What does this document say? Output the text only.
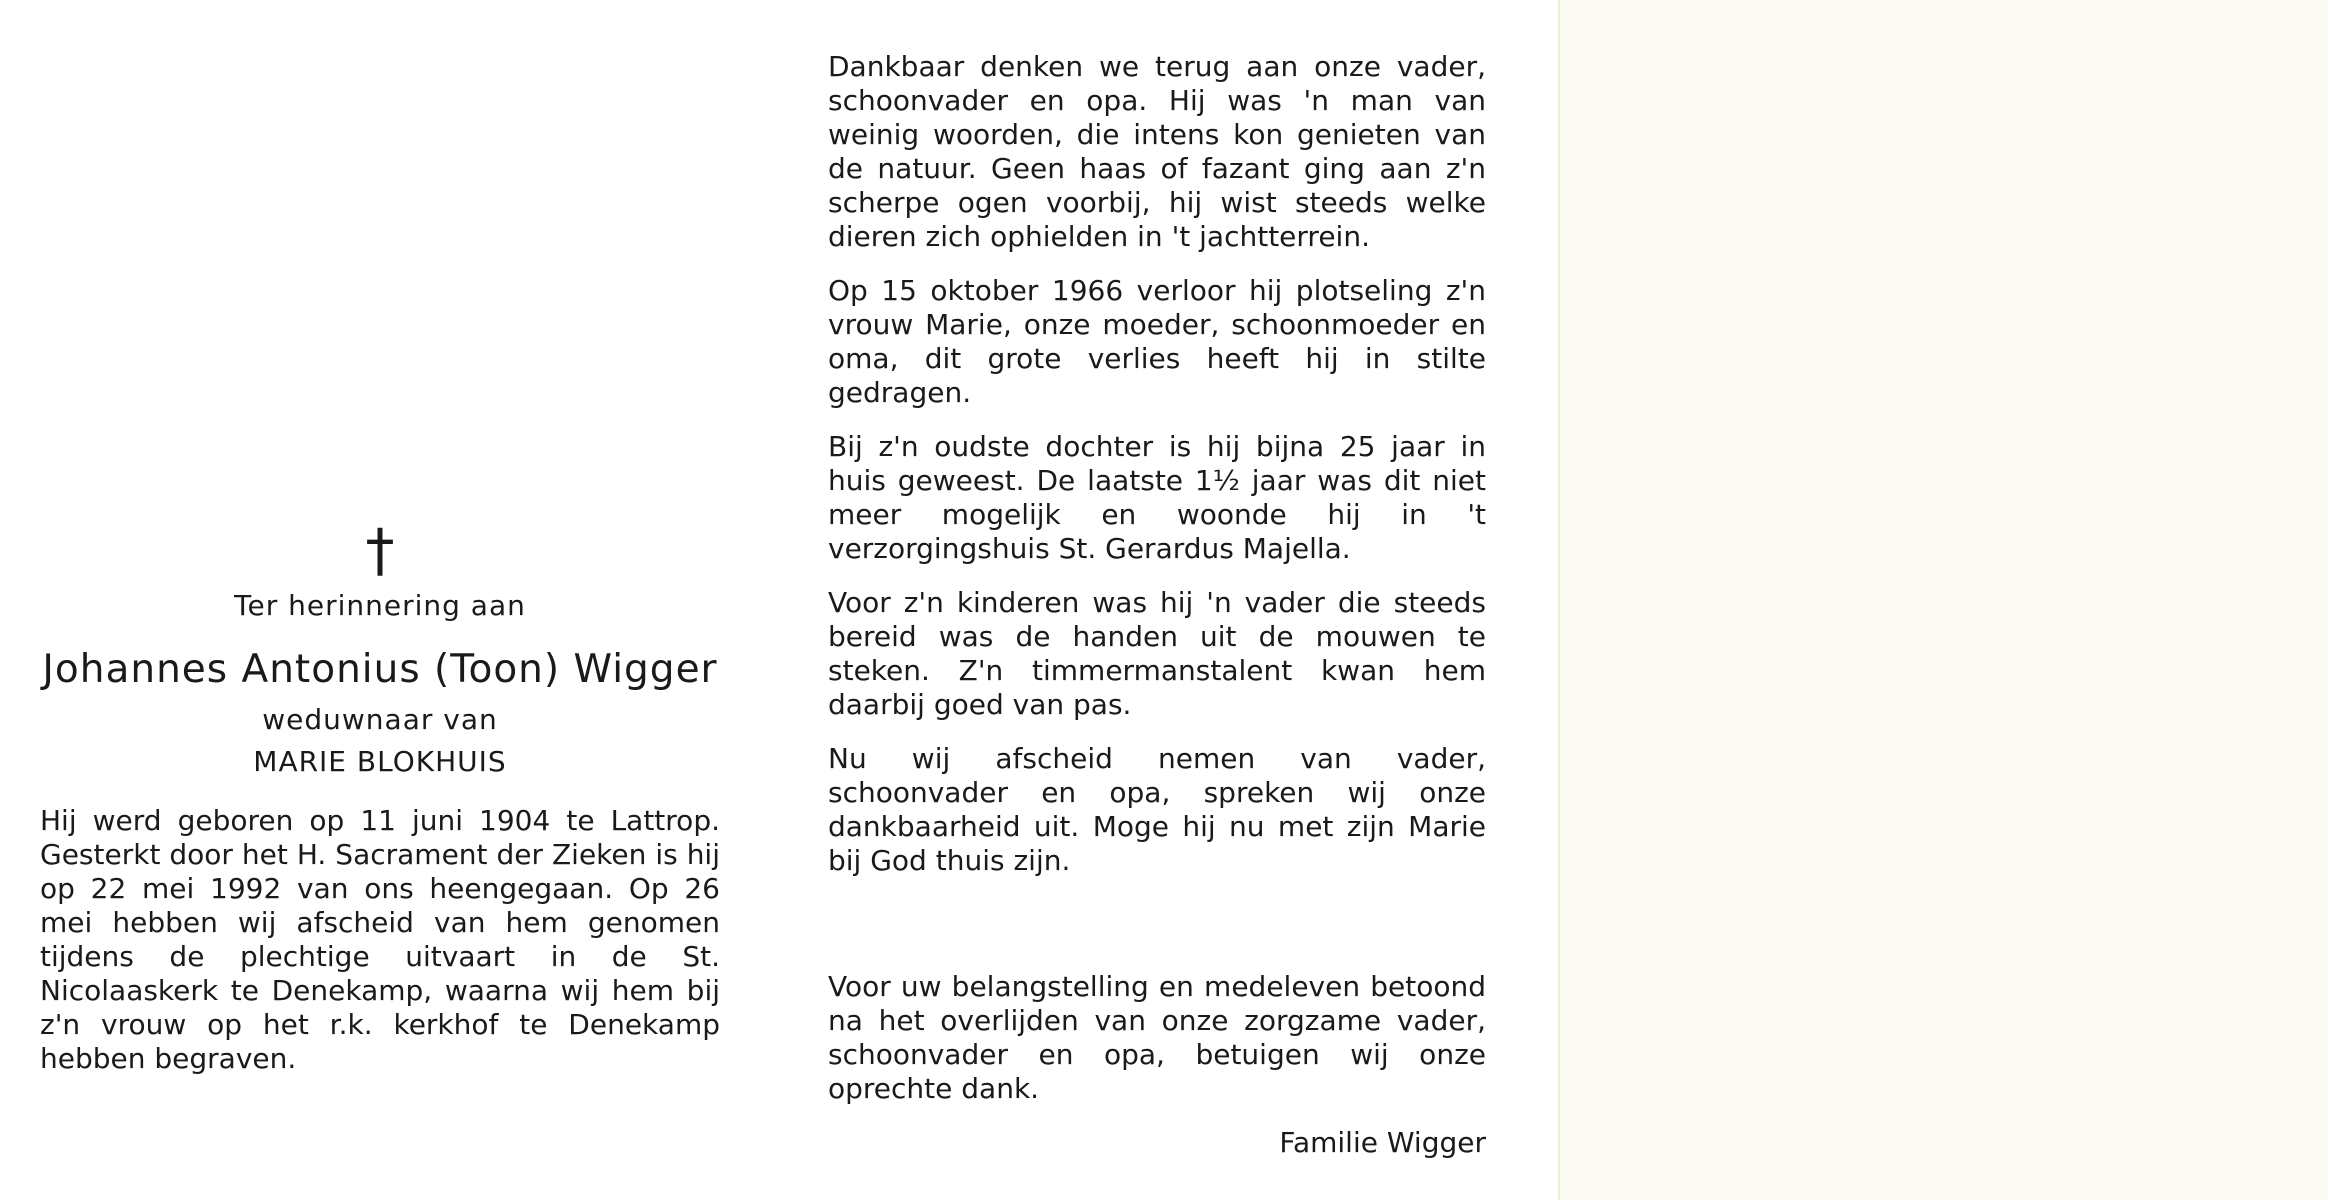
†
Ter herinnering aan
Johannes Antonius (Toon) Wigger
weduwnaar van
MARIE BLOKHUIS
Hij werd geboren op 11 juni 1904 te Lattrop. Gesterkt door het H. Sacrament der Zieken is hij op 22 mei 1992 van ons heengegaan. Op 26 mei hebben wij afscheid van hem genomen tijdens de plechtige uitvaart in de St. Nicolaaskerk te Denekamp, waarna wij hem bij z'n vrouw op het r.k. kerkhof te Denekamp hebben begraven.

Dankbaar denken we terug aan onze vader, schoonvader en opa. Hij was 'n man van weinig woorden, die intens kon genieten van de natuur. Geen haas of fazant ging aan z'n scherpe ogen voorbij, hij wist steeds welke dieren zich ophielden in 't jachtterrein.

Op 15 oktober 1966 verloor hij plotseling z'n vrouw Marie, onze moeder, schoonmoeder en oma, dit grote verlies heeft hij in stilte gedragen.

Bij z'n oudste dochter is hij bijna 25 jaar in huis geweest. De laatste 1½ jaar was dit niet meer mogelijk en woonde hij in 't verzorgingshuis St. Gerardus Majella.

Voor z'n kinderen was hij 'n vader die steeds bereid was de handen uit de mouwen te steken. Z'n timmermanstalent kwan hem daarbij goed van pas.

Nu wij afscheid nemen van vader, schoonvader en opa, spreken wij onze dankbaarheid uit. Moge hij nu met zijn Marie bij God thuis zijn.

Voor uw belangstelling en medeleven betoond na het overlijden van onze zorgzame vader, schoonvader en opa, betuigen wij onze oprechte dank.

Familie Wigger
